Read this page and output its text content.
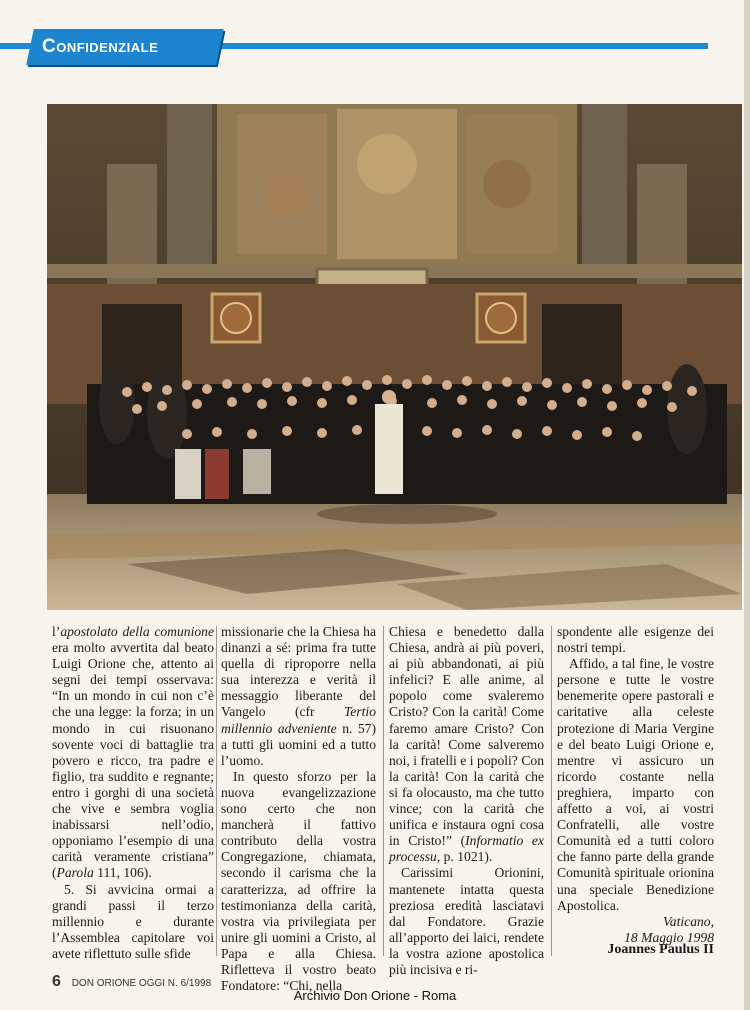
Confidenziale

l’apostolato della comunione era molto avvertita dal beato Luigi Orione che, attento ai segni dei tempi osservava: “In un mondo in cui non c’è che una legge: la forza; in un mondo in cui risuonano sovente voci di battaglie tra povero e ricco, tra padre e figlio, tra suddito e regnante; entro i gorghi di una società che vive e sembra voglia inabissarsi nell’odio, opponiamo l’esempio di una carità veramente cristiana” (Parola 111, 106).

5. Si avvicina ormai a grandi passi il terzo millennio e durante l’Assemblea capitolare voi avete riflettuto sulle sfide

missionarie che la Chiesa ha dinanzi a sé: prima fra tutte quella di riproporre nella sua interezza e verità il messaggio liberante del Vangelo (cfr Tertio millennio adveniente n. 57) a tutti gli uomini ed a tutto l’uomo.

In questo sforzo per la nuova evangelizzazione sono certo che non mancherà il fattivo contributo della vostra Congregazione, chiamata, secondo il carisma che la caratterizza, ad offrire la testimonianza della carità, vostra via privilegiata per unire gli uomini a Cristo, al Papa e alla Chiesa. Rifletteva il vostro beato Fondatore: “Chi, nella

Chiesa e benedetto dalla Chiesa, andrà ai più poveri, ai più abbandonati, ai più infelici? E alle anime, al popolo come svaleremo Cristo? Con la carità! Come faremo amare Cristo? Con la carità! Come salveremo noi, i fratelli e i popoli? Con la carità! Con la carità che si fa olocausto, ma che tutto vince; con la carità che unifica e instaura ogni cosa in Cristo!” (Informatio ex processu, p. 1021).

Carissimi Orionini, mantenete intatta questa preziosa eredità lasciatavi dal Fondatore. Grazie all’apporto dei laici, rendete la vostra azione apostolica più incisiva e ri-

spondente alle esigenze dei nostri tempi.

Affido, a tal fine, le vostre persone e tutte le vostre benemerite opere pastorali e caritative alla celeste protezione di Maria Vergine e del beato Luigi Orione e, mentre vi assicuro un ricordo costante nella preghiera, imparto con affetto a voi, ai vostri Confratelli, alle vostre Comunità ed a tutti coloro che fanno parte della grande Comunità spirituale orionina una speciale Benedizione Apostolica.

Vaticano,

18 Maggio 1998

Joannes Paulus II
6 DON ORIONE OGGI N. 6/1998
Archivio Don Orione - Roma
